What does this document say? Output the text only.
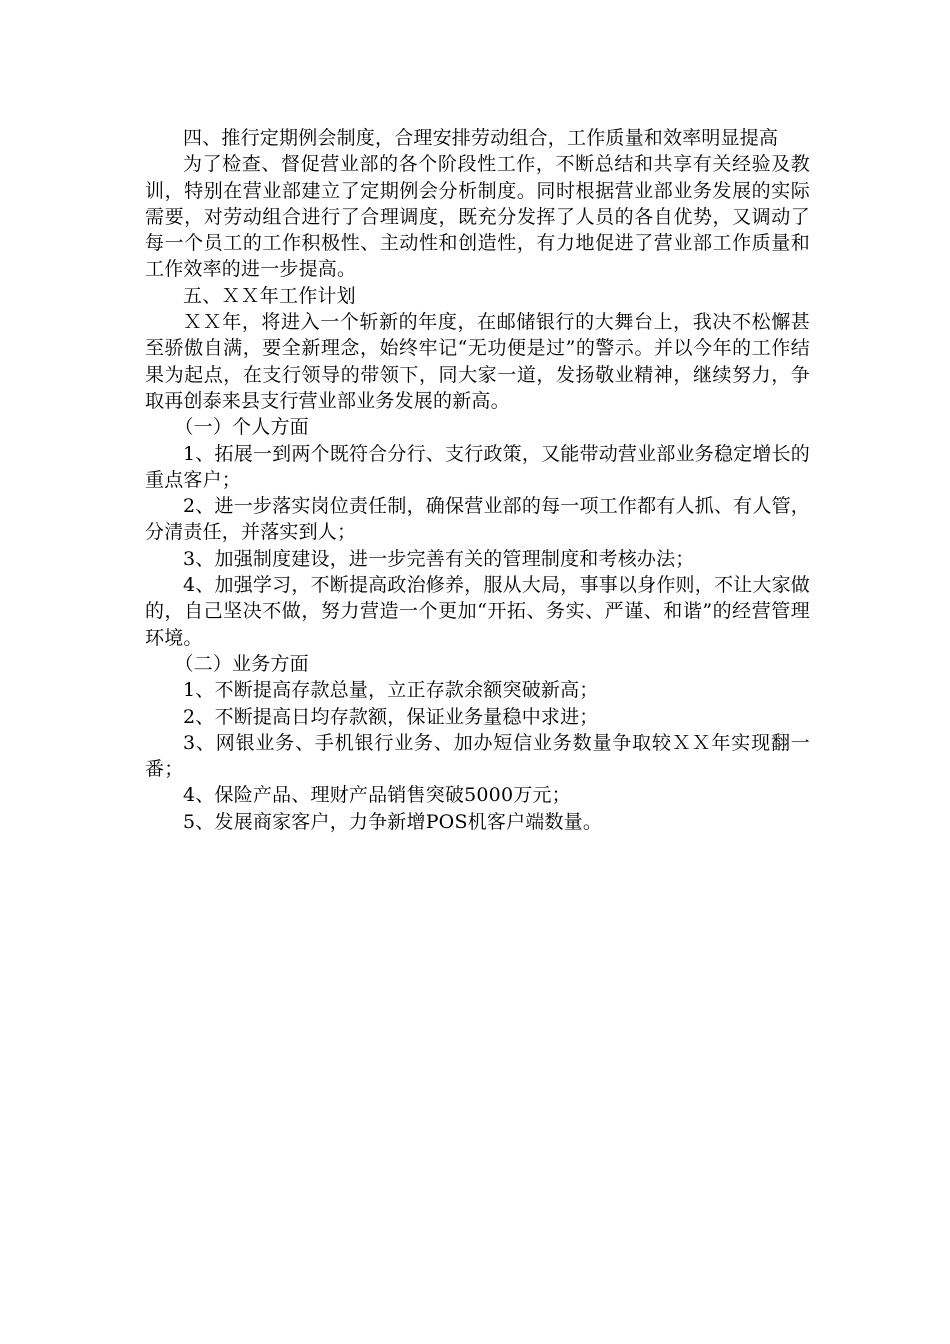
四、推行定期例会制度，合理安排劳动组合，工作质量和效率明显提高

为了检查、督促营业部的各个阶段性工作，不断总结和共享有关经验及教训，特别在营业部建立了定期例会分析制度。同时根据营业部业务发展的实际需要，对劳动组合进行了合理调度，既充分发挥了人员的各自优势，又调动了每一个员工的工作积极性、主动性和创造性，有力地促进了营业部工作质量和工作效率的进一步提高。

五、ＸＸ年工作计划

ＸＸ年，将进入一个斩新的年度，在邮储银行的大舞台上，我决不松懈甚至骄傲自满，要全新理念，始终牢记“无功便是过”的警示。并以今年的工作结果为起点，在支行领导的带领下，同大家一道，发扬敬业精神，继续努力，争取再创泰来县支行营业部业务发展的新高。

（一）个人方面

1、拓展一到两个既符合分行、支行政策，又能带动营业部业务稳定增长的重点客户；

2、进一步落实岗位责任制，确保营业部的每一项工作都有人抓、有人管，分清责任，并落实到人；

3、加强制度建设，进一步完善有关的管理制度和考核办法；

4、加强学习，不断提高政治修养，服从大局，事事以身作则，不让大家做的，自己坚决不做，努力营造一个更加“开拓、务实、严谨、和谐”的经营管理环境。

（二）业务方面

1、不断提高存款总量，立正存款余额突破新高；

2、不断提高日均存款额，保证业务量稳中求进；

3、网银业务、手机银行业务、加办短信业务数量争取较ＸＸ年实现翻一番；

4、保险产品、理财产品销售突破5000万元；

5、发展商家客户，力争新增POS机客户端数量。
